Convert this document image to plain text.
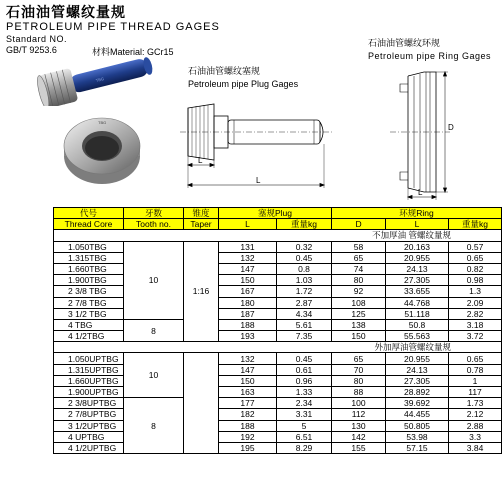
石油油管螺纹量规
PETROLEUM PIPE THREAD GAGES
Standard NO.
GB/T 9253.6	材料Material: GCr15
TBG
TBG
石油油管螺纹塞规
Petroleum pipe Plug Gages
L
L
石油油管螺纹环规
Petroleum pipe Ring Gages
D
L
代号	牙数	锥度	塞规Plug		环规Ring		
Thread Core	Tooth no.	Taper	L	重量kg	D	L	重量kg
不加厚油 管螺纹量规							
1.050TBG	10	1:16	131	0.32	58	20.163	0.57
1.315TBG			132	0.45	65	20.955	0.65
1.660TBG			147	0.8	74	24.13	0.82
1.900TBG			150	1.03	80	27.305	0.98
2 3/8 TBG			167	1.72	92	33.655	1.3
2 7/8 TBG			180	2.87	108	44.768	2.09
3 1/2 TBG			187	4.34	125	51.118	2.82
4 TBG	8		188	5.61	138	50.8	3.18
4 1/2TBG			193	7.35	150	55.563	3.72
外加厚油管螺纹量规							
1.050UPTBG	10		132	0.45	65	20.955	0.65
1.315UPTBG			147	0.61	70	24.13	0.78
1.660UPTBG			150	0.96	80	27.305	1
1.900UPTBG			163	1.33	88	28.892	117
2 3/8UPTBG	8		177	2.34	100	39.692	1.73
2 7/8UPTBG			182	3.31	112	44.455	2.12
3 1/2UPTBG			188	5	130	50.805	2.88
4 UPTBG			192	6.51	142	53.98	3.3
4 1/2UPTBG			195	8.29	155	57.15	3.84
